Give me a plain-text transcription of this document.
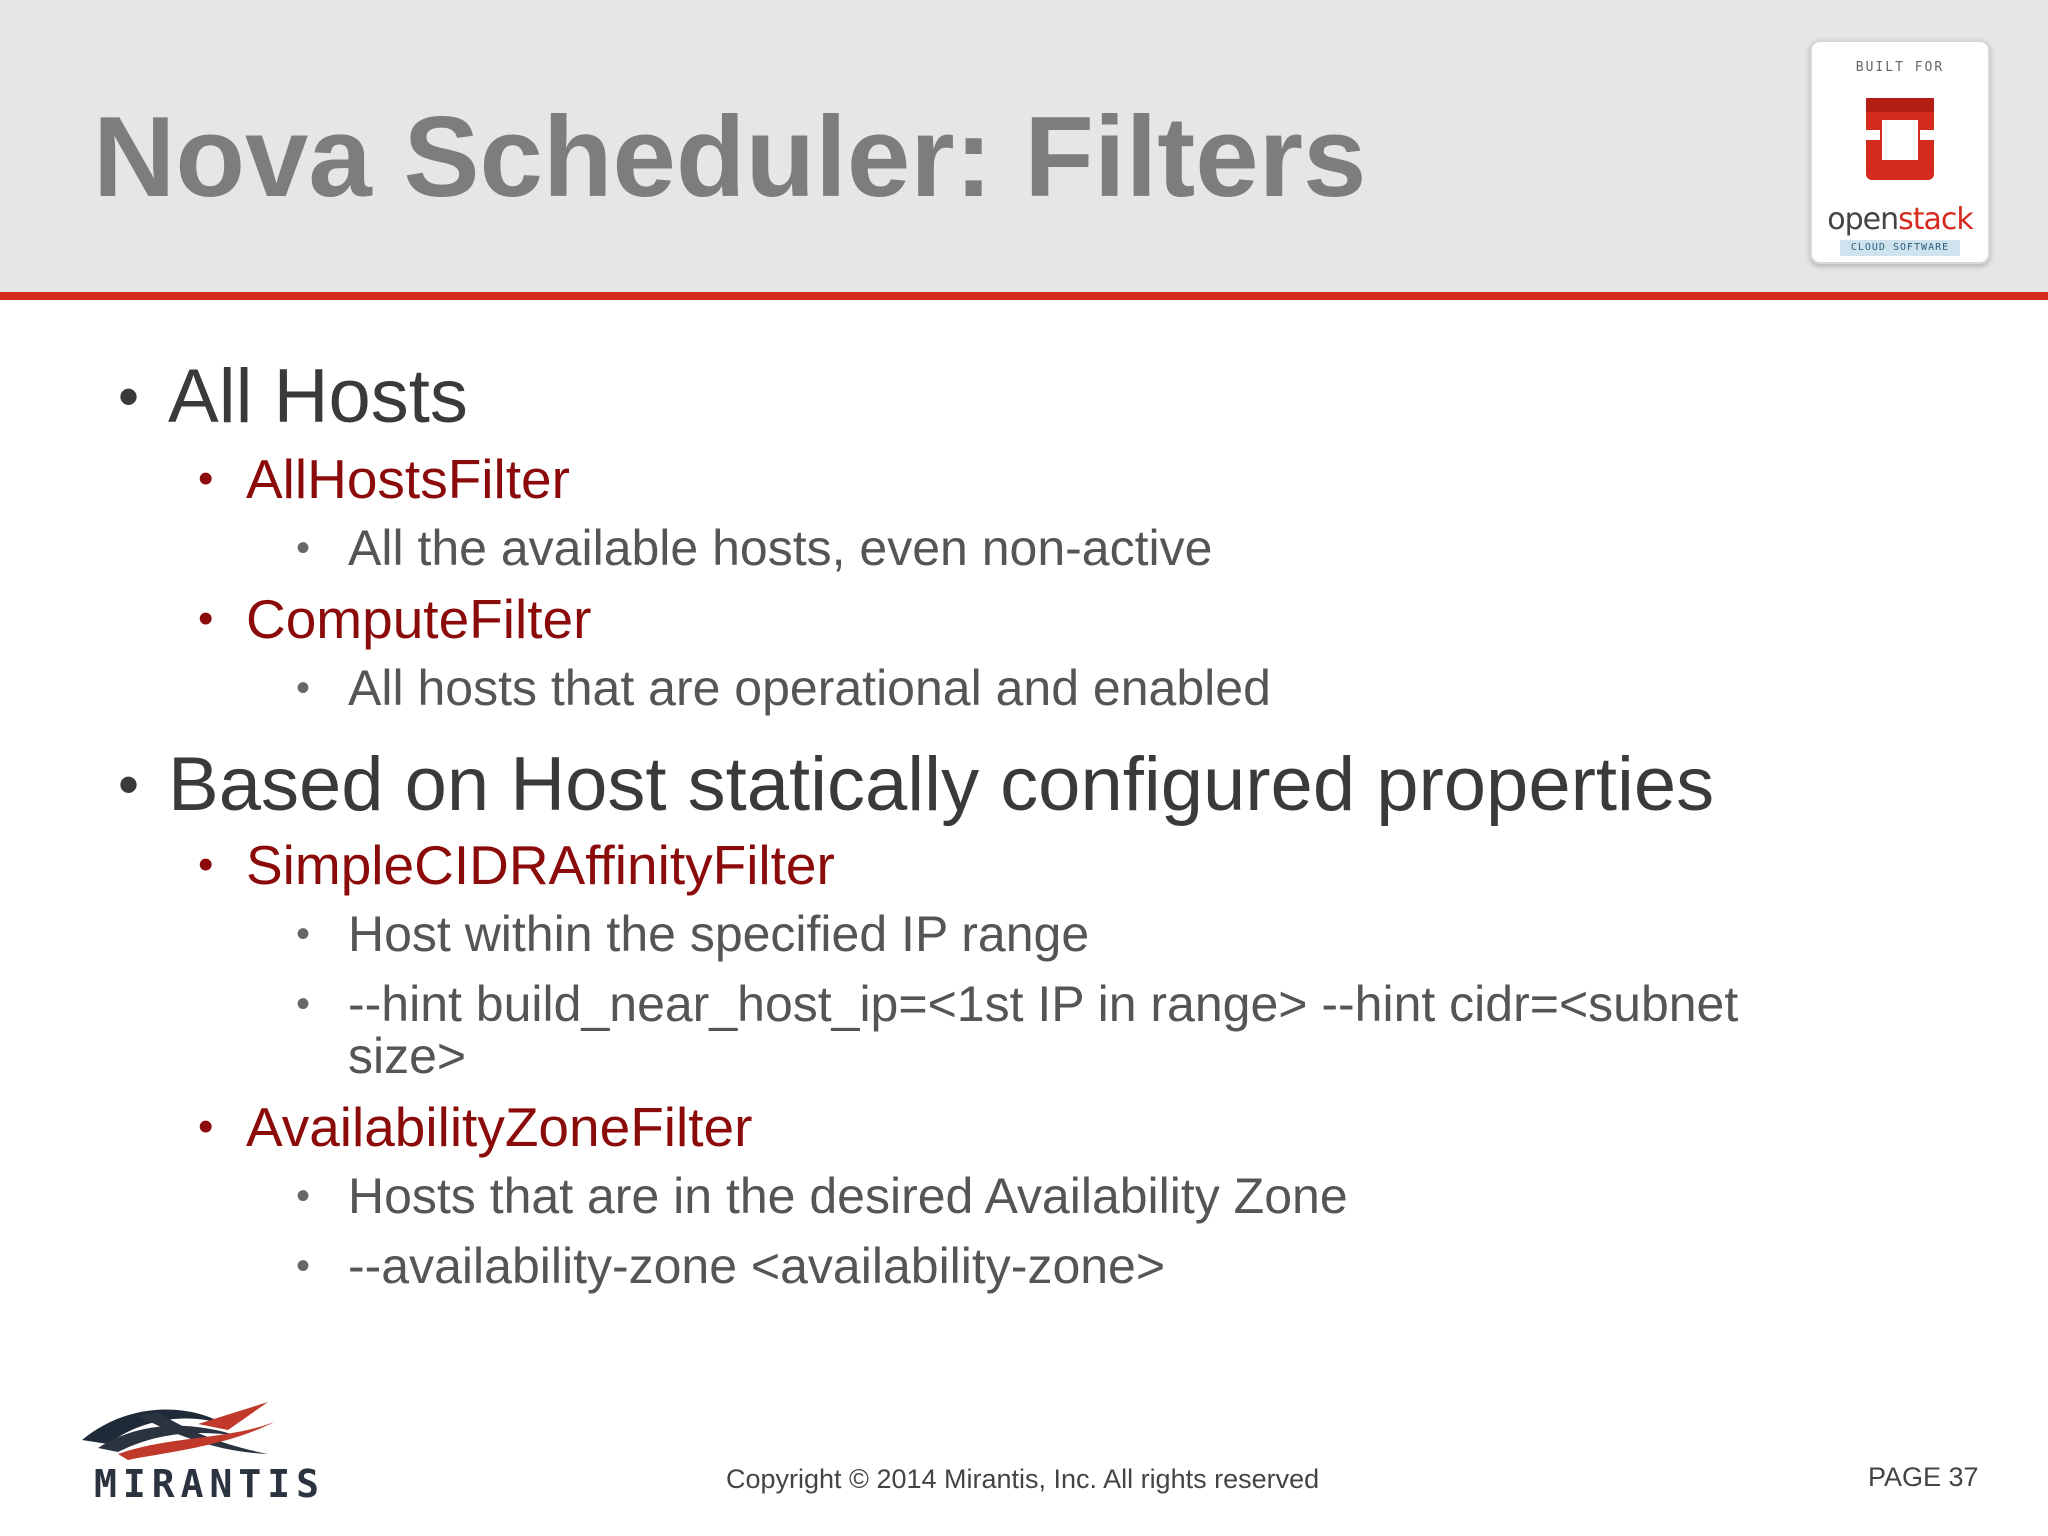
Nova Scheduler: Filters
BUILT FOR
openstack
CLOUD SOFTWARE
• All Hosts
• AllHostsFilter
• All the available hosts, even non-active
• ComputeFilter
• All hosts that are operational and enabled
• Based on Host statically configured properties
• SimpleCIDRAffinityFilter
• Host within the specified IP range
• --hint build_near_host_ip=<1st IP in range> --hint cidr=<subnet
size>
• AvailabilityZoneFilter
• Hosts that are in the desired Availability Zone
• --availability-zone <availability-zone>
MIRANTIS	Copyright © 2014 Mirantis, Inc. All rights reserved	PAGE 37
